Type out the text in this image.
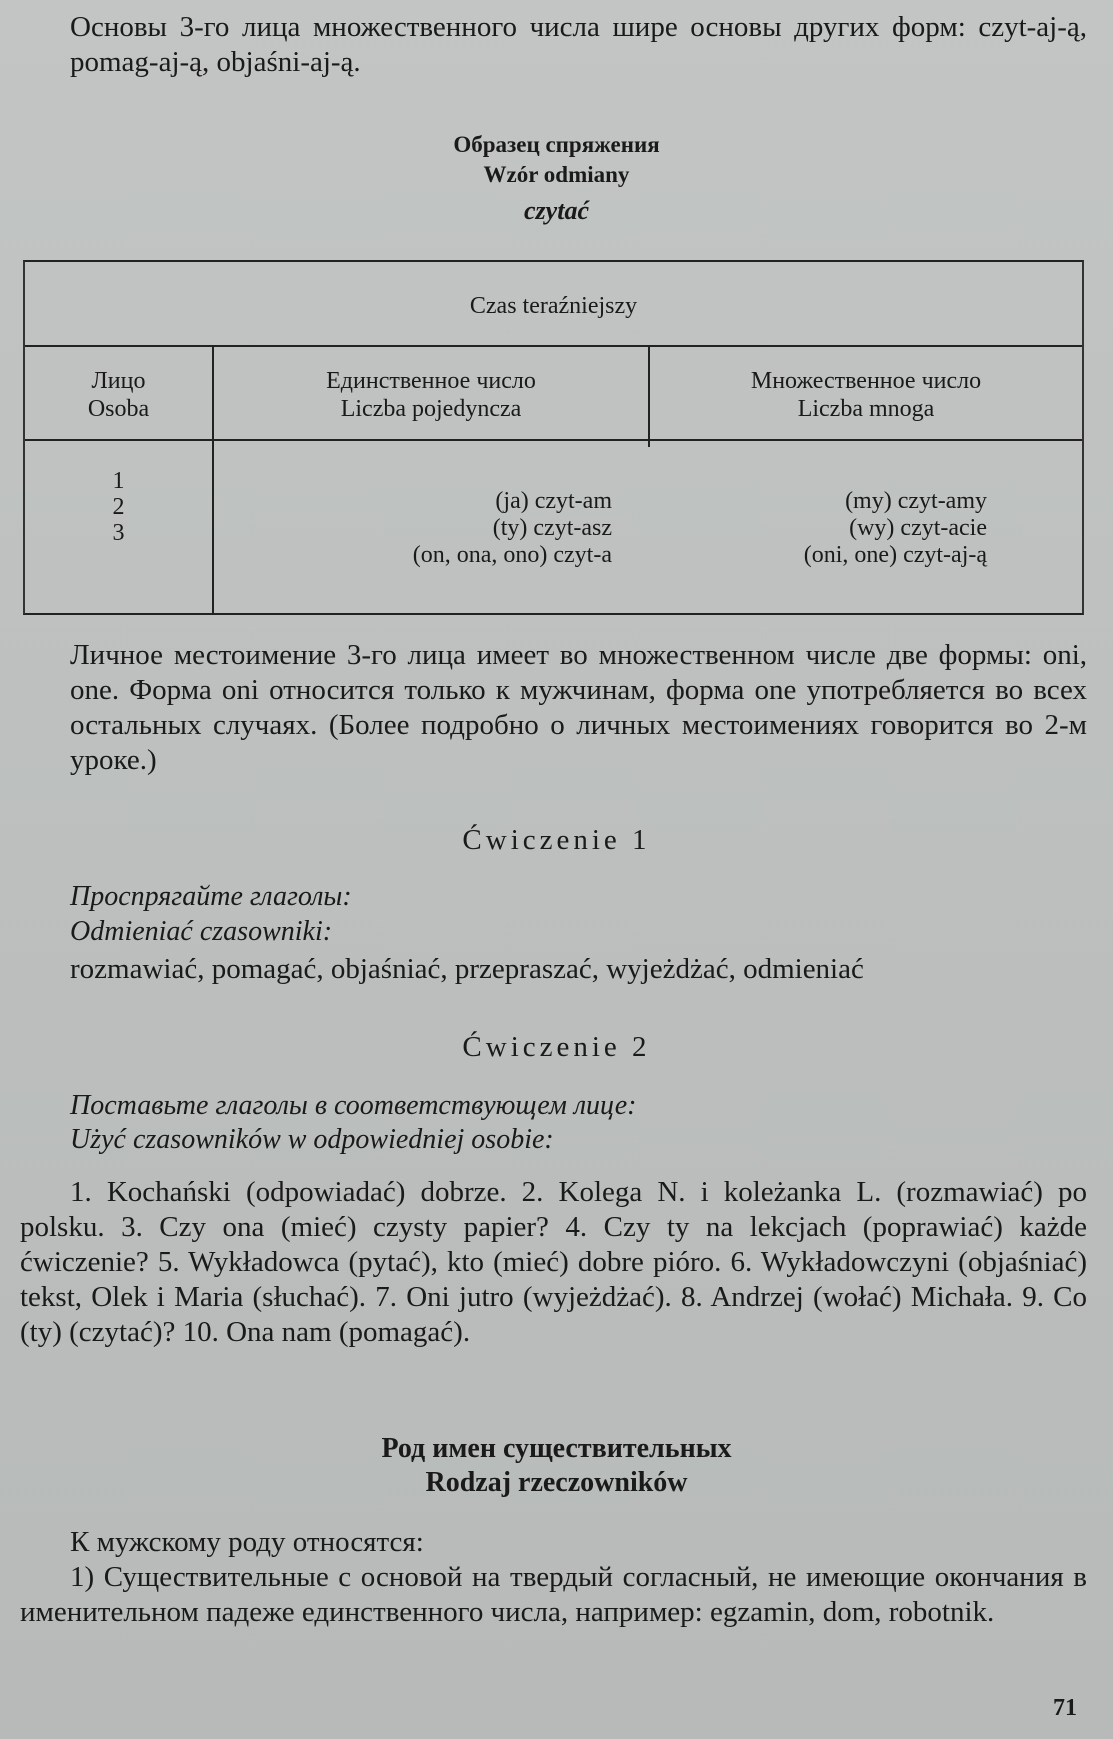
Основы 3-го лица множественного числа шире основы других форм: czyt-aj-ą, pomag-aj-ą, objaśni-aj-ą.
Образец спряжения
Wzór odmiany
czytać
Czas teraźniejszy
Лицо
Osoba
Единственное число
Liczba pojedyncza
Множественное число
Liczba mnoga
1
2
3
(ja) czyt-am
(ty) czyt-asz
(on, ona, ono) czyt-a
(my) czyt-amy
(wy) czyt-acie
(oni, one) czyt-aj-ą
Личное местоимение 3-го лица имеет во множественном числе две формы: oni, one. Форма oni относится только к мужчинам, форма one употребляется во всех остальных случаях. (Более подробно о личных местоимениях говорится во 2-м уроке.)
Ćwiczenie 1
Проспрягайте глаголы:
Odmieniać czasowniki:
rozmawiać, pomagać, objaśniać, przepraszać, wyjeżdżać, odmieniać
Ćwiczenie 2
Поставьте глаголы в соответствующем лице:
Użyć czasowników w odpowiedniej osobie:
1. Kochański (odpowiadać) dobrze. 2. Kolega N. i koleżanka L. (rozmawiać) po polsku. 3. Czy ona (mieć) czysty papier? 4. Czy ty na lekcjach (poprawiać) każde ćwiczenie? 5. Wykładowca (pytać), kto (mieć) dobre pióro. 6. Wykładowczyni (objaśniać) tekst, Olek i Maria (słuchać). 7. Oni jutro (wyjeżdżać). 8. Andrzej (wołać) Michała. 9. Co (ty) (czytać)? 10. Ona nam (pomagać).
Род имен существительных
Rodzaj rzeczowników
К мужскому роду относятся:
1) Существительные с основой на твердый согласный, не имеющие окончания в именительном падеже единственного числа, например: egzamin, dom, robotnik.
71
